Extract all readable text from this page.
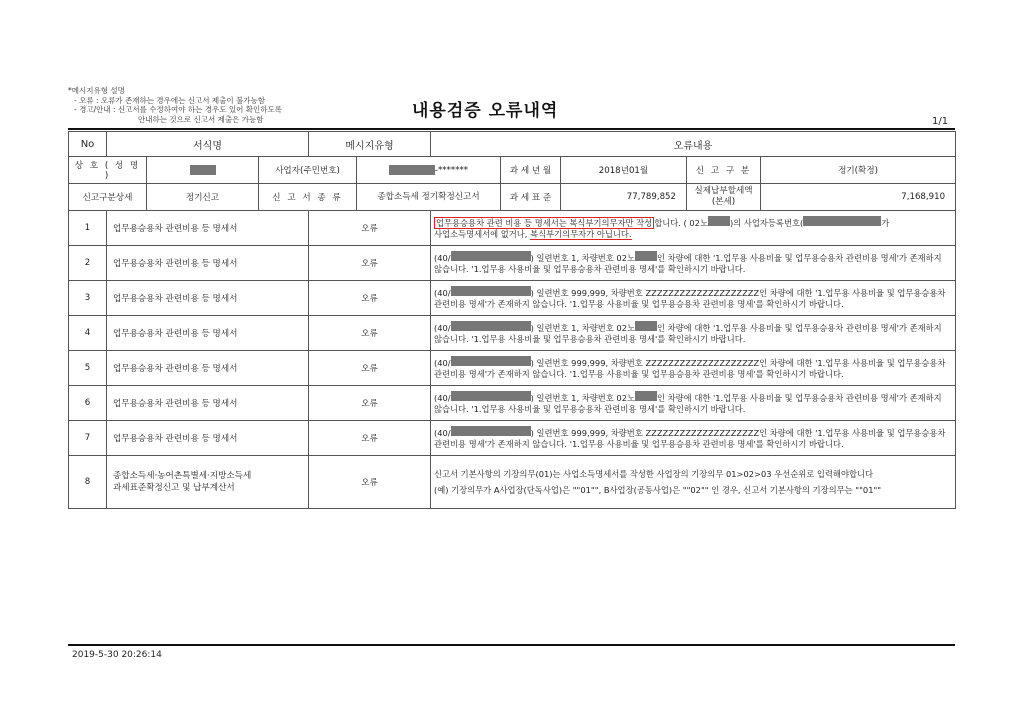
*메시지유형 설명
- 오류 : 오류가 존재하는 경우에는 신고서 제출이 불가능함
- 경고/안내 : 신고서를 수정하여야 하는 경우도 있어 확인하도록
안내하는 것으로 신고서 제출은 가능함	내용검증 오류내역
1/1
No	서식명			메시지유형		오류내용				
상 호 ( 성 명 )			사업자(주민번호)		-*******		과 세 년 월	2018년01월	신 고 구 분	정기(확정)
신고구분상세		정기신고	신 고 서 종 류		종합소득세 정기확정신고서		과 세 표 준	77,789,852	실제납부할세액(본세)	7,168,910
1	업무용승용차 관련비용 등 명세서			오류		업무용승용차 관련 비용 등 명세서는 복식부기의무자만 작성 합니다. ( 02노 )의 사업자등록번호( 가
사업소득명세서에 없거나, 복식부기의무자가 아닙니다.				
2	업무용승용차 관련비용 등 명세서			오류		(40/ ) 일련번호 1, 차량번호 02노 인 차량에 대한 '1.업무용 사용비율 및 업무용승용차 관련비용 명세'가 존재하지 않습니다. '1.업무용 사용비율 및 업무용승용차 관련비용 명세'를 확인하시기 바랍니다.				
3	업무용승용차 관련비용 등 명세서			오류		(40/ ) 일련번호 999,999, 차량번호 ZZZZZZZZZZZZZZZZZZZZ인 차량에 대한 '1.업무용 사용비율 및 업무용승용차 관련비용 명세'가 존재하지 않습니다. '1.업무용 사용비율 및 업무용승용차 관련비용 명세'를 확인하시기 바랍니다.				
4	업무용승용차 관련비용 등 명세서			오류		(40/ ) 일련번호 1, 차량번호 02노 인 차량에 대한 '1.업무용 사용비율 및 업무용승용차 관련비용 명세'가 존재하지 않습니다. '1.업무용 사용비율 및 업무용승용차 관련비용 명세'를 확인하시기 바랍니다.				
5	업무용승용차 관련비용 등 명세서			오류		(40/ ) 일련번호 999,999, 차량번호 ZZZZZZZZZZZZZZZZZZZZ인 차량에 대한 '1.업무용 사용비율 및 업무용승용차 관련비용 명세'가 존재하지 않습니다. '1.업무용 사용비율 및 업무용승용차 관련비용 명세'를 확인하시기 바랍니다.				
6	업무용승용차 관련비용 등 명세서			오류		(40/ ) 일련번호 1, 차량번호 02노 인 차량에 대한 '1.업무용 사용비율 및 업무용승용차 관련비용 명세'가 존재하지 않습니다. '1.업무용 사용비율 및 업무용승용차 관련비용 명세'를 확인하시기 바랍니다.				
7	업무용승용차 관련비용 등 명세서			오류		(40/ ) 일련번호 999,999, 차량번호 ZZZZZZZZZZZZZZZZZZZZ인 차량에 대한 '1.업무용 사용비율 및 업무용승용차 관련비용 명세'가 존재하지 않습니다. '1.업무용 사용비율 및 업무용승용차 관련비용 명세'를 확인하시기 바랍니다.				
8	종합소득세·농어촌특별세·지방소득세
과세표준확정신고 및 납부계산서			오류		신고서 기본사항의 기장의무(01)는 사업소득명세서를 작성한 사업장의 기장의무 01>02>03 우선순위로 입력해야합니다
(예) 기장의무가 A사업장(단독사업)은 ""01"", B사업장(공동사업)은 ""02"" 인 경우, 신고서 기본사항의 기장의무는 ""01""				
2019-5-30 20:26:14
